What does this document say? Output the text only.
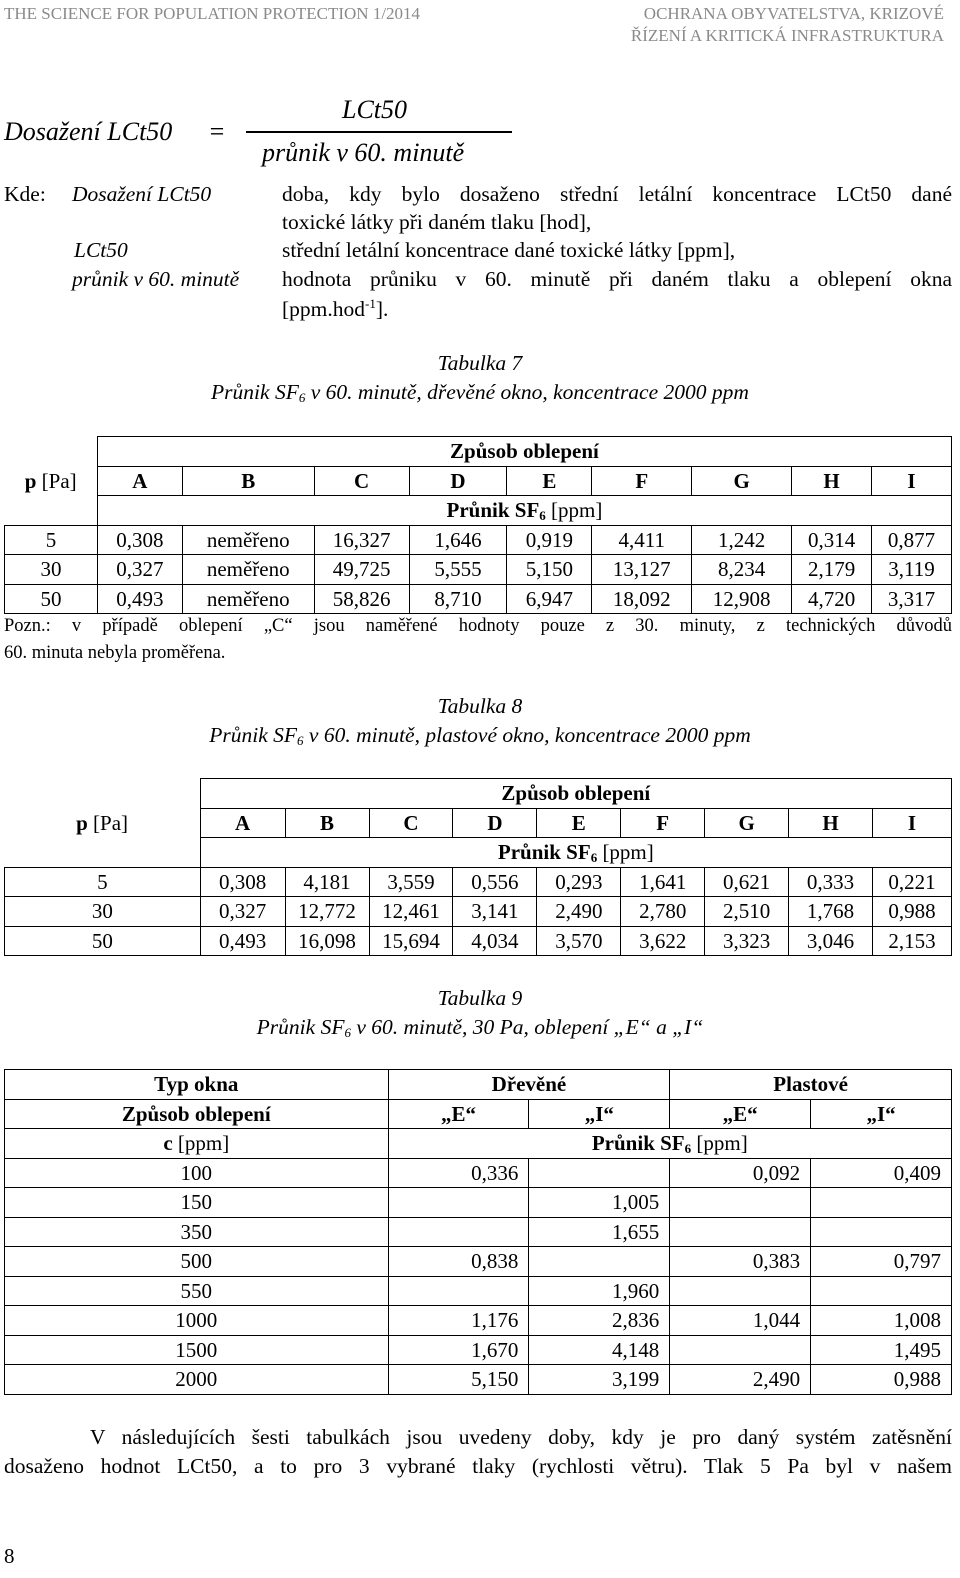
THE SCIENCE FOR POPULATION PROTECTION 1/2014	OCHRANA OBYVATELSTVA, KRIZOVÉ
ŘÍZENÍ A KRITICKÁ INFRASTRUKTURA
Dosažení LCt50 =
LCt50
průnik v 60. minutě
Kde: Dosažení LCt50	doba, kdy bylo dosaženo střední letální koncentrace LCt50 dané
toxické látky při daném tlaku [hod],
LCt50	střední letální koncentrace dané toxické látky [ppm],
průnik v 60. minutě hodnota průniku v 60. minutě při daném tlaku a oblepení okna
[ppm.hod$^{-1}$].
Tabulka 7
Průnik $SF_6$ v 60. minutě, dřevěné okno, koncentrace 2000 ppm
p [Pa]	Způsob oblepení								
	A	B	C	D	E	F	G	H	I
	Průnik $SF_6$ [ppm]								
5	0,308	neměřeno	16,327	1,646	0,919	4,411	1,242	0,314	0,877
30	0,327	neměřeno	49,725	5,555	5,150	13,127	8,234	2,179	3,119
50	0,493	neměřeno	58,826	8,710	6,947	18,092	12,908	4,720	3,317
Pozn.: v případě oblepení „C“ jsou naměřené hodnoty pouze z 30. minuty, z technických důvodů
60. minuta nebyla proměřena.
Tabulka 8
Průnik $SF_6$ v 60. minutě, plastové okno, koncentrace 2000 ppm
p [Pa]	Způsob oblepení								
	A	B	C	D	E	F	G	H	I
	Průnik $SF_6$ [ppm]								
5	0,308	4,181	3,559	0,556	0,293	1,641	0,621	0,333	0,221
30	0,327	12,772	12,461	3,141	2,490	2,780	2,510	1,768	0,988
50	0,493	16,098	15,694	4,034	3,570	3,622	3,323	3,046	2,153
Tabulka 9
Průnik $SF_6$ v 60. minutě, 30 Pa, oblepení „E“ a „I“
Typ okna	Dřevěné		Plastové	
Způsob oblepení	„E“	„I“	„E“	„I“
c [ppm]	Průnik $SF_6$ [ppm]			
100	0,336		0,092	0,409
150		1,005		
350		1,655		
500	0,838		0,383	0,797
550		1,960		
1000	1,176	2,836	1,044	1,008
1500	1,670	4,148		1,495
2000	5,150	3,199	2,490	0,988
V následujících šesti tabulkách jsou uvedeny doby, kdy je pro daný systém zatěsnění
dosaženo hodnot LCt50, a to pro 3 vybrané tlaky (rychlosti větru). Tlak 5 Pa byl v našem
8
